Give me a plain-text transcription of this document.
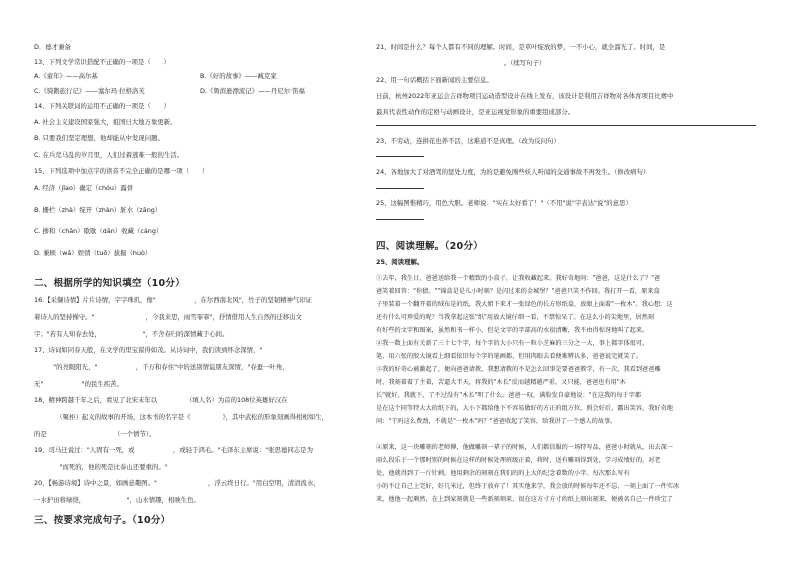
D．德才兼备
13、下列文学常识搭配不正确的一项是（　　）
A.《童年》——高尔基	B.《好的故事》——臧克家
C.《骑鹅旅行记》——塞尔玛·拉格洛芙	D.《鲁滨逊漂流记》——丹尼尔·笛福
14、下列关联词的运用不正确的一项是（　　）
A. 社会主义建设国家强大，祖国日大地万象更新。
B. 只要我们坚定理想，他却能从中发现问题。
C. 在兵荒马乱的岁月里，人们过着逃难一般的生活。
15、下列选项中加点字的读音不完全正确的是哪一项（　　）
A. 经济（jǐao）确定（chóu）露骨
B. 栅栏（zhà）绽开（zhàn）脏水（zāng）
C. 掺和（chān）歇歇（dān）收藏（cáng）
D. 兼顾（wā）娱情（tuō）拔掘（huò）
二、根据所学的知识填空（10分）
16.【采撷诗情】片片诗情，字字珠玑，像"　　　　　　，在尔西南北风"，竹子的坚韧精神气印证
着诗人的坚持操守。"　　　　　　　　，今我来思，雨雪霏霏"，抒情借用人生自然的迁移出文
字；"若有人知春去处，　　　　　　　"，不舍春归的深情藏于心间。
17、诗词如同春天般，在文学的里宝留得如茂。从诗词中，我们读到怀念深情，"　　　　　　　
　　　"的亮眼阳光，"　　　　　　，千万和春住"中的送别情谊朋友深情，"春蚕一叶角，
无"　　　　　　"的民生疾苦。
18、精神跨越千年之后，看见了北宋末年以　　　　　（填人名）为首的108位英雄好汉在
　　　　（聚柜）起义的故事的开场，这本书的名字是《　　　　　》，其中武松的形象刻画得相相如生，
的是　　　　　　　　　　　（一个情节）。
19、司马迁说过："人固有一死，或　　　　　　，或轻于鸿毛。"毛泽东主席说："张思德同志是为
　　　　"而死的，他的死是比泰山还要重的。"
20、【畅游诗境】诗中之景，如画意趣图。"　　　　　　　　，浮云终日行。"用白空明，清清流水，
一水护田将绿绕，　　　　　　　"，山水情趣，相映生色。
三、按要求完成句子。（10分）
21、时间是什么？每个人都有不同的理解。时间，是草叶绽放的梦，一不小心，就全溜光了。时间，是
　　　　　　　　　　　　　　　　　　　　。（续写句子）
22、用一句话概括下面新闻的主要信息。
日前，杭州2022年亚运会吉祥物项目运动造型设计在线上发布，该设计是利用吉祥物对各体育项目比赛中
最具代表性动作的定格与动画设计，是亚运视觉形象的重要组成部分。
23、不劳动，连拼花也养不活，这难道不是真理。（改为反问句）
24、各地加大了对酒驾的惩处力度，为的是避免刚些妖人听闻的交通事故不再发生。（修改病句）
25、这幅图惟精巧，用色大胆。老师说："实在太好看了！"（不用"说"字表达"说"的意思）
四、阅读理解。（20分）
25、阅读理解。
①去年，我生日，爸爸送给我一个精致的小盒子，让我收藏起来。我好奇地问："爸爸，这是什么了？"爸
爸笑着回答："你猜。""锦盒是是儿小时刻？是闪过来的金城堡？"爸爸只笑不作回。我打开一看，原来盒
子里装着一个翻开着的绒布是的纸，我大姐下来才一张绿色的长方形纸盒，放眼上面着"一枚木"。我心想：这
还有什么可珍爱的呢？当我拿起这张"纸"用放大镜仔细一看，不禁惊呆了。在这么小的尖地里，居然刻
有好些的文字和图案，虽然和书一样小，但是文字的字部高的水很清晰，我不由得惊讶地叫了起来。
②我一数上面有关新了三十七个字，每个字的大小只有一粒小芝麻的三分之一大，事上都字体很可，
笔，用六张的胶大镜看上细看依旧每个字的笔画都，但用肉眼去看便难辨认多，爸爸说完就笑了。
③我的好奇心被激起了，便向爸爸请教，我想请教的不是怎么回事是要爸爸教学，有一次，我看到爸爸雕
时，我刻着着了主着，苦逼大半天，将我的"木长"反而越精越严重，又只能，爸爸也有用"木
长"就好，我就下，了不过没有"木长"明了什么。爸爸一叹，满脸发自豪地说："在这我的每于字都
是在这个同等特大大的纸下的，大小下都给他下不容易做好的方正的组方位，照会好后，露出笑容，我好奇地
问："干吗这么费劲，不就是"一枚木"吗？"爸爸收起了笑容，给我讲了一个感人的故事。
④原来，这一块雕刻的老师傅，他做雕刻一辈子的时候，人们都信服的一场特写品，爸爸小时就从，出去深一
雨么段乐于一个那时别的时候在这样的时候处理班级正着，将时，送有雕刻得到处，学习成绩好的，对老
处，他就得到了一斤针刺，他用剩余的刻刻在我们的的上大的纪念着数的小字。每次那么写有
小的不让自己上完好，好几米过，但终于放弃了！其实他来学，我会放的时候每年还不忘，一刻上面了一件实冰
来，他他一起剩然，在上到家刻就是一些新刻刻来，很在这方寸方寸的纸上刻出刻来，便被名自己一件珍宝了
